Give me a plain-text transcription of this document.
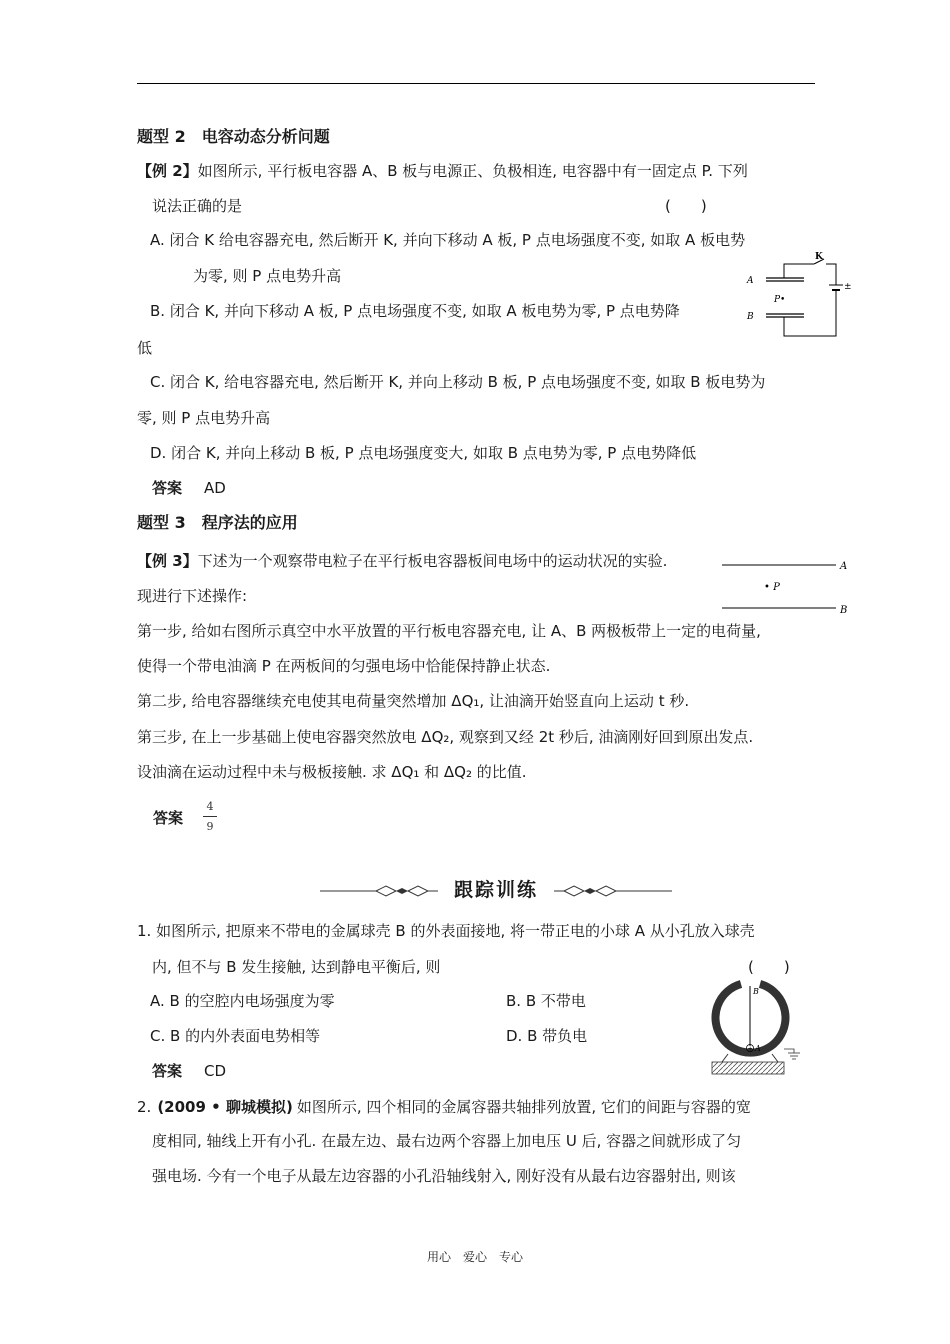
题型 2　电容动态分析问题
【例 2】如图所示, 平行板电容器 A、B 板与电源正、负极相连, 电容器中有一固定点 P. 下列
说法正确的是	(　　)
A. 闭合 K 给电容器充电, 然后断开 K, 并向下移动 A 板, P 点电场强度不变, 如取 A 板电势
为零, 则 P 点电势升高
B. 闭合 K, 并向下移动 A 板, P 点电场强度不变, 如取 A 板电势为零, P 点电势降
低
C. 闭合 K, 给电容器充电, 然后断开 K, 并向上移动 B 板, P 点电场强度不变, 如取 B 板电势为
零, 则 P 点电势升高
D. 闭合 K, 并向上移动 B 板, P 点电场强度变大, 如取 B 点电势为零, P 点电势降低
答案 AD
A
B
K
P•
±
题型 3　程序法的应用
【例 3】下述为一个观察带电粒子在平行板电容器板间电场中的运动状况的实验.
现进行下述操作:
第一步, 给如右图所示真空中水平放置的平行板电容器充电, 让 A、B 两极板带上一定的电荷量,
使得一个带电油滴 P 在两板间的匀强电场中恰能保持静止状态.
第二步, 给电容器继续充电使其电荷量突然增加 ΔQ₁, 让油滴开始竖直向上运动 t 秒.
第三步, 在上一步基础上使电容器突然放电 ΔQ₂, 观察到又经 2t 秒后, 油滴刚好回到原出发点.
设油滴在运动过程中未与极板接触. 求 ΔQ₁ 和 ΔQ₂ 的比值.
答案
4
9
A
B
• P
跟踪训练
1. 如图所示, 把原来不带电的金属球壳 B 的外表面接地, 将一带正电的小球 A 从小孔放入球壳
内, 但不与 B 发生接触, 达到静电平衡后, 则	(　　)
A. B 的空腔内电场强度为零	B. B 不带电
C. B 的内外表面电势相等	D. B 带负电
答案 CD
+
B
A
2. (2009 • 聊城模拟) 如图所示, 四个相同的金属容器共轴排列放置, 它们的间距与容器的宽
度相同, 轴线上开有小孔. 在最左边、最右边两个容器上加电压 U 后, 容器之间就形成了匀
强电场. 今有一个电子从最左边容器的小孔沿轴线射入, 刚好没有从最右边容器射出, 则该
用心　爱心　专心
